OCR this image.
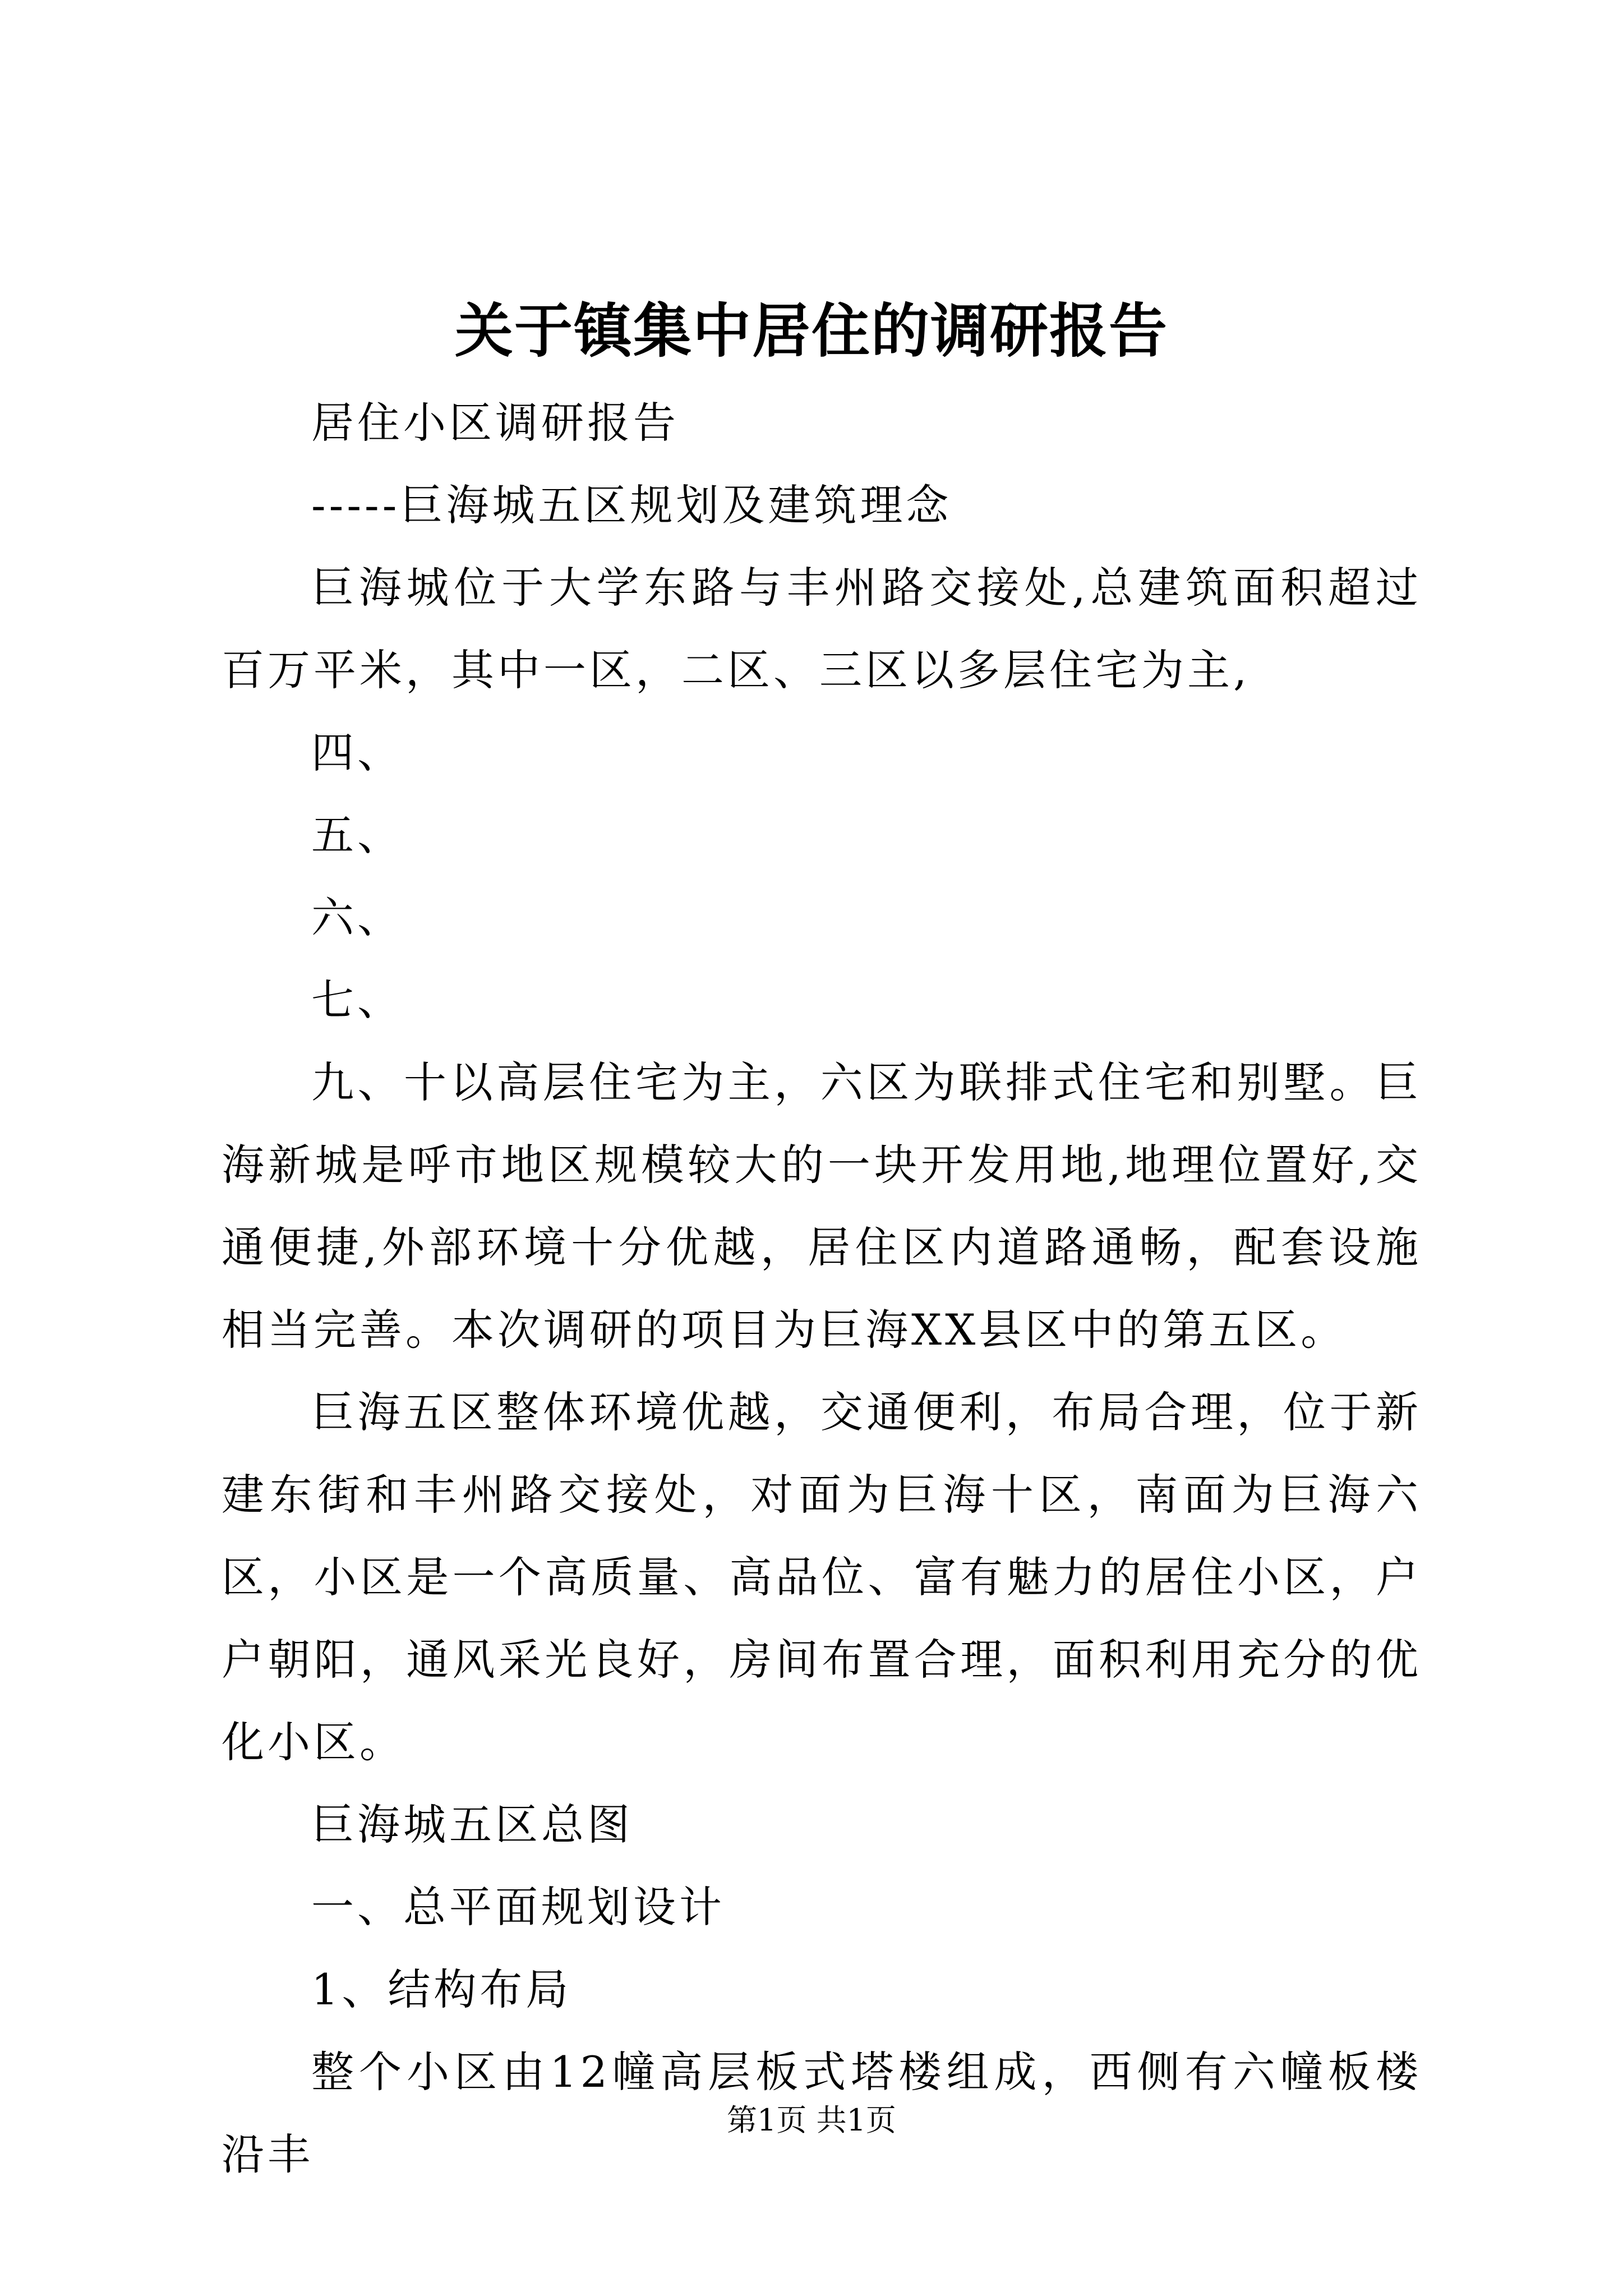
关于镇集中居住的调研报告

居住小区调研报告

-----巨海城五区规划及建筑理念

巨海城位于大学东路与丰州路交接处,总建筑面积超过百万平米，其中一区，二区、三区以多层住宅为主,

四、

五、

六、

七、

九、十以高层住宅为主，六区为联排式住宅和别墅。巨海新城是呼市地区规模较大的一块开发用地,地理位置好,交通便捷,外部环境十分优越，居住区内道路通畅，配套设施相当完善。本次调研的项目为巨海XX县区中的第五区。

巨海五区整体环境优越，交通便利，布局合理，位于新建东街和丰州路交接处，对面为巨海十区，南面为巨海六区，小区是一个高质量、高品位、富有魅力的居住小区，户户朝阳，通风采光良好，房间布置合理，面积利用充分的优化小区。

巨海城五区总图

一、总平面规划设计

1、结构布局

整个小区由12幢高层板式塔楼组成，西侧有六幢板楼沿丰

第1页 共1页
